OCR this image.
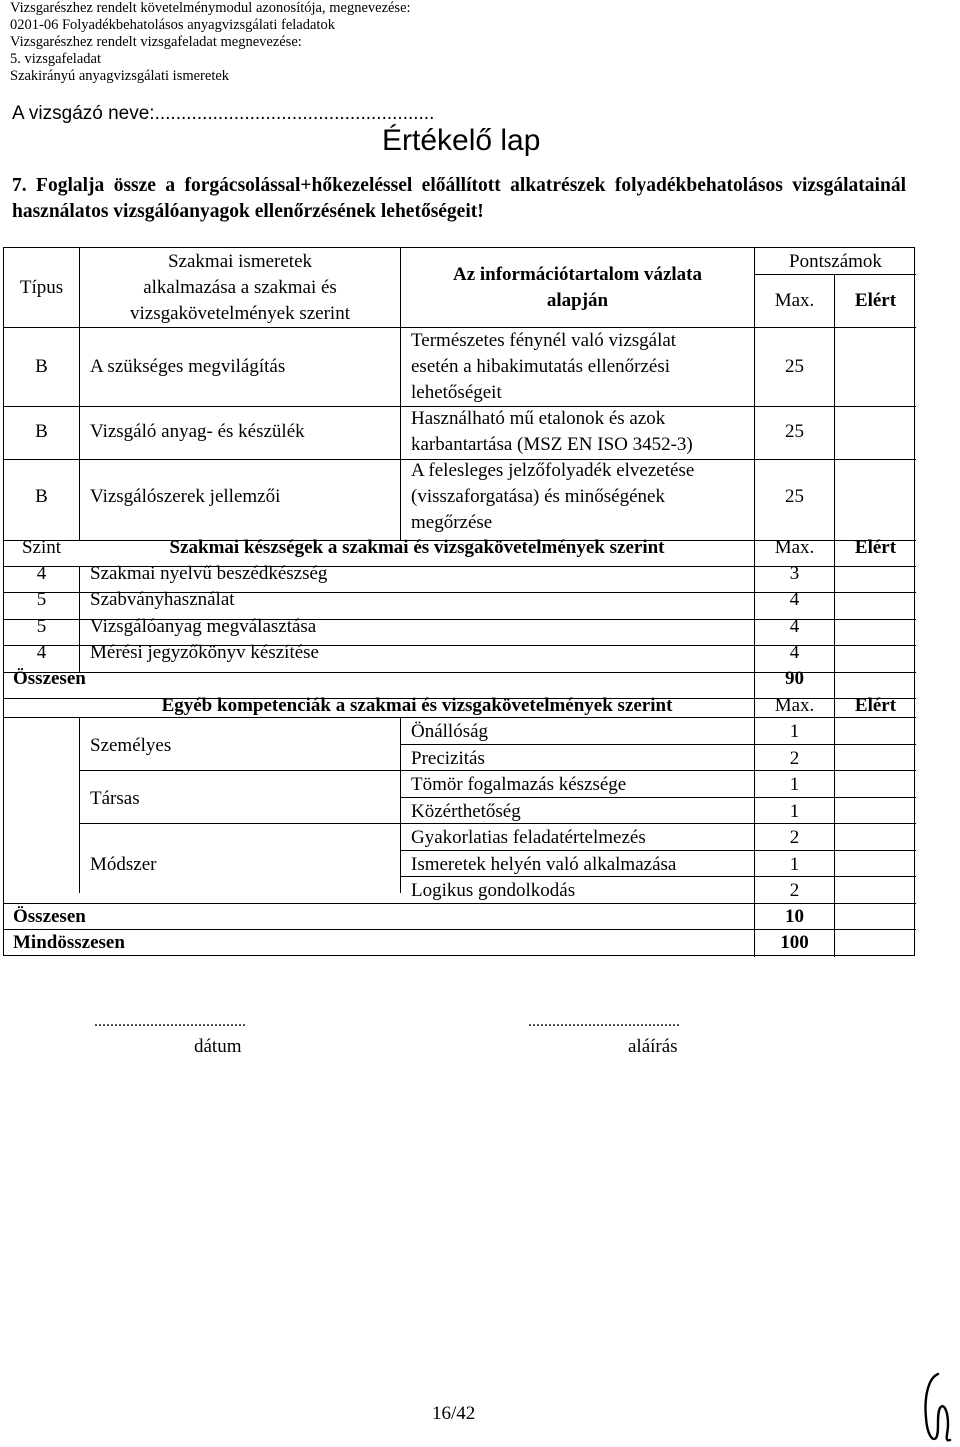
Vizsgarészhez rendelt követelménymodul azonosítója, megnevezése:
0201-06 Folyadékbehatolásos anyagvizsgálati feladatok
Vizsgarészhez rendelt vizsgafeladat megnevezése:
5. vizsgafeladat
Szakirányú anyagvizsgálati ismeretek
A vizsgázó neve:.....................................................
Értékelő lap
7. Foglalja össze a forgácsolással+hőkezeléssel előállított alkatrészek folyadékbehatolásos vizsgálatainál használatos vizsgálóanyagok ellenőrzésének lehetőségeit!
Típus
Szakmai ismeretek
alkalmazása a szakmai és
vizsgakövetelmények szerint
Az információtartalom vázlata
alapján
Pontszámok
Max.	Elért
B	A szükséges megvilágítás
Természetes fénynél való vizsgálat
esetén a hibakimutatás ellenőrzési
lehetőségeit
25
B	Vizsgáló anyag- és készülék
Használható mű etalonok és azok
karbantartása (MSZ EN ISO 3452-3)
25
B	Vizsgálószerek jellemzői
A felesleges jelzőfolyadék elvezetése
(visszaforgatása) és minőségének
megőrzése
25
Szint	Szakmai készségek a szakmai és vizsgakövetelmények szerint	Max.	Elért
4	Szakmai nyelvű beszédkészség	3
5	Szabványhasználat	4
5	Vizsgálóanyag megválasztása	4
4	Mérési jegyzőkönyv készítése	4
Összesen	90
Egyéb kompetenciák a szakmai és vizsgakövetelmények szerint	Max.	Elért
Személyes
Önállóság	1
Precizitás	2
Társas
Tömör fogalmazás készsége	1
Közérthetőség	1
Módszer
Gyakorlatias feladatértelmezés	2
Ismeretek helyén való alkalmazása	1
Logikus gondolkodás	2
Összesen	10
Mindösszesen	100
......................................
dátum
......................................
aláírás
16/42
